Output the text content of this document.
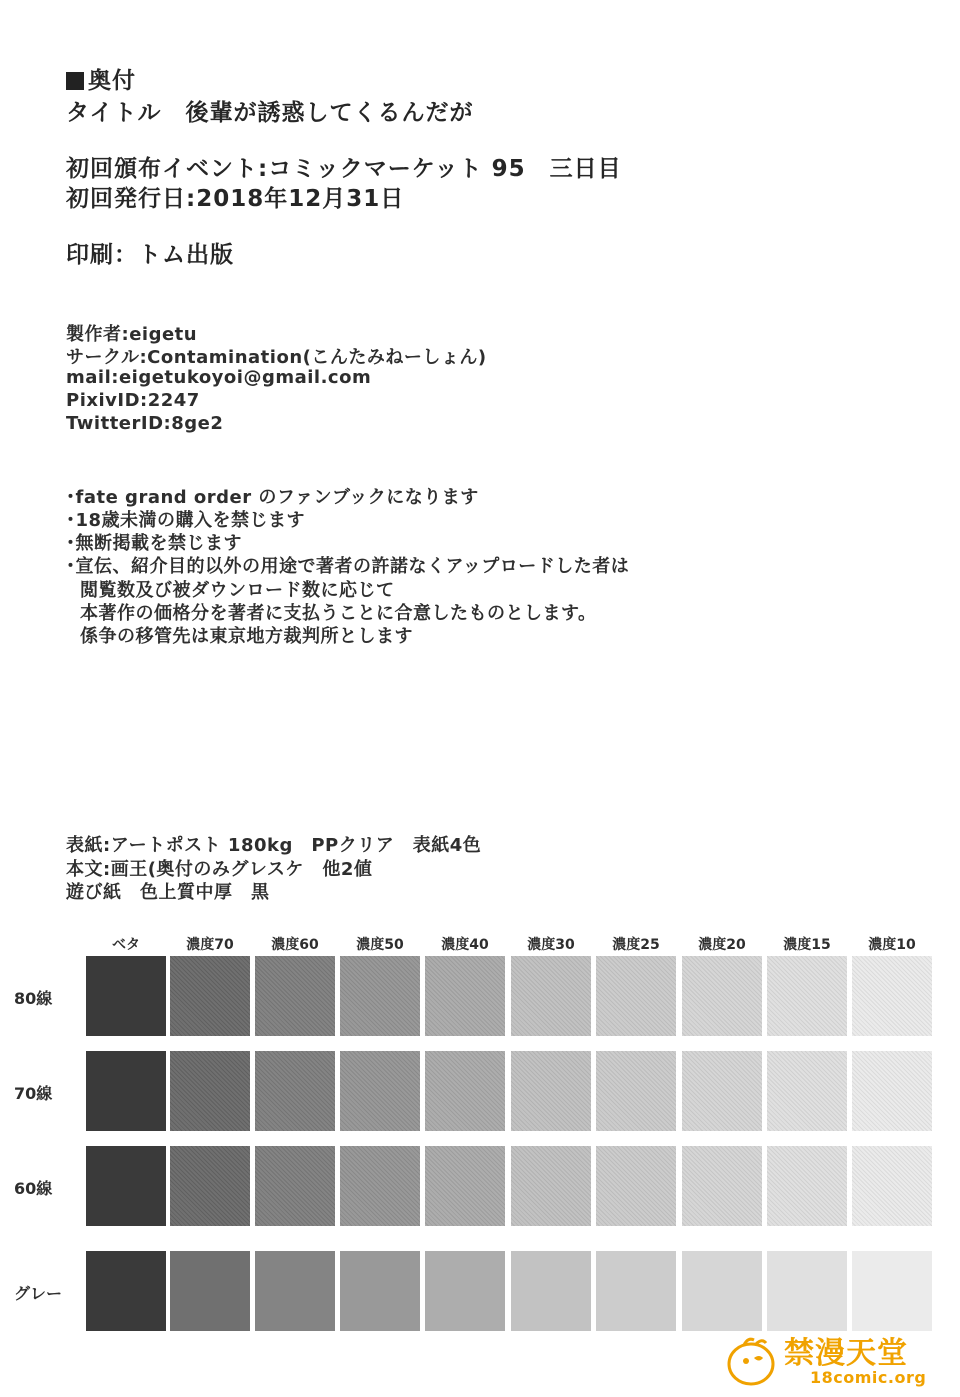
奥付
タイトル　後輩が誘惑してくるんだが
初回頒布イベント:コミックマーケット 95　三日目
初回発行日:2018年12月31日
印刷：トム出版
製作者:eigetu
サークル:Contamination(こんたみねーしょん)
mail:eigetukoyoi@gmail.com
PixivID:2247
TwitterID:8ge2
･fate grand order のファンブックになります
･18歳未満の購入を禁じます
･無断掲載を禁じます
･宣伝、紹介目的以外の用途で著者の許諾なくアップロードした者は
閲覧数及び被ダウンロード数に応じて
本著作の価格分を著者に支払うことに合意したものとします。
係争の移管先は東京地方裁判所とします
表紙:アートポスト 180kg　PPクリア　表紙4色
本文:画王(奥付のみグレスケ　他2値
遊び紙　色上質中厚　黒
ベタ	濃度70	濃度60	濃度50	濃度40	濃度30	濃度25	濃度20	濃度15	濃度10
80線
70線
60線
グレー
禁漫天堂
18comic.org
